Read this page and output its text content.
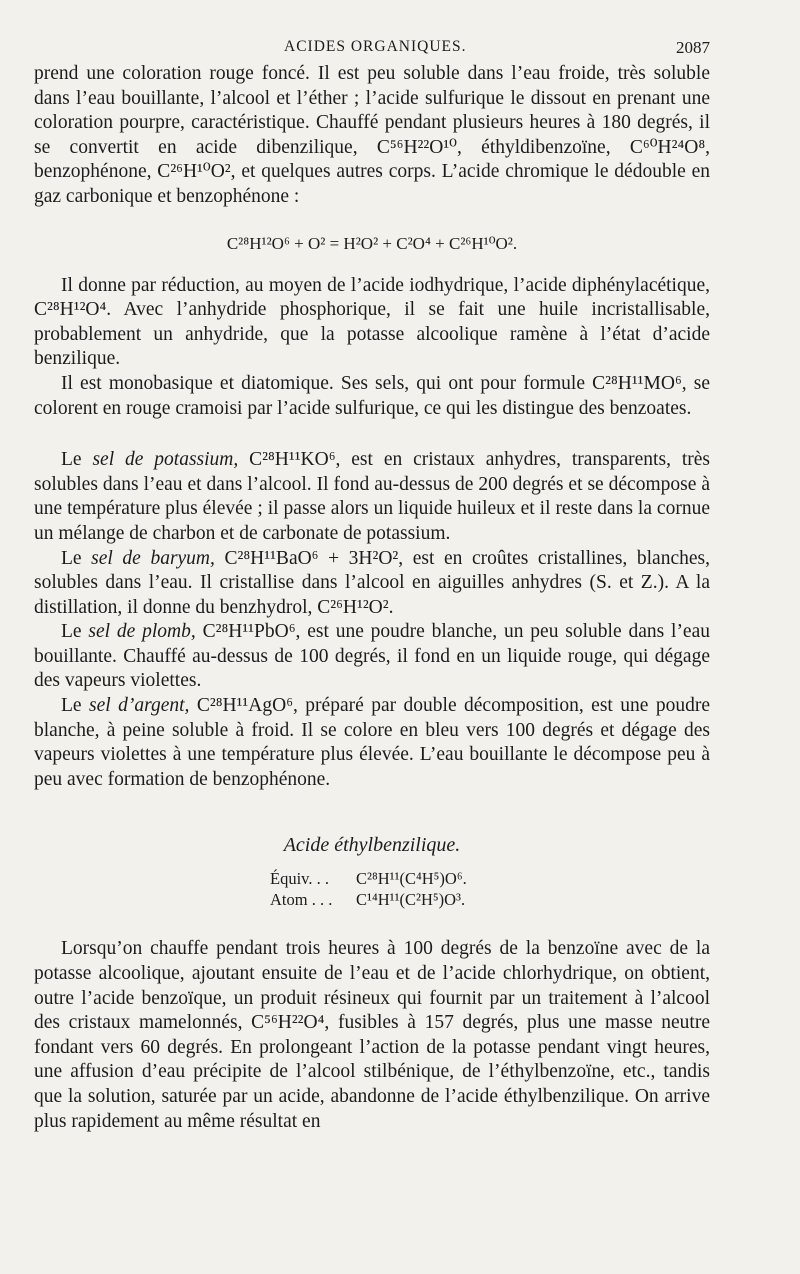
ACIDES ORGANIQUES.	2087

prend une coloration rouge foncé. Il est peu soluble dans l’eau froide, très soluble dans l’eau bouillante, l’alcool et l’éther ; l’acide sulfurique le dissout en prenant une coloration pourpre, caractéristique. Chauffé pendant plusieurs heures à 180 degrés, il se convertit en acide dibenzilique, C⁵⁶H²²O¹⁰, éthyldibenzoïne, C⁶⁰H²⁴O⁸, benzophénone, C²⁶H¹⁰O², et quelques autres corps. L’acide chromique le dédouble en gaz carbonique et benzophénone :

C²⁸H¹²O⁶ + O² = H²O² + C²O⁴ + C²⁶H¹⁰O².

Il donne par réduction, au moyen de l’acide iodhydrique, l’acide diphénylacétique, C²⁸H¹²O⁴. Avec l’anhydride phosphorique, il se fait une huile incristallisable, probablement un anhydride, que la potasse alcoolique ramène à l’état d’acide benzilique.

Il est monobasique et diatomique. Ses sels, qui ont pour formule C²⁸H¹¹MO⁶, se colorent en rouge cramoisi par l’acide sulfurique, ce qui les distingue des benzoates.

Le sel de potassium, C²⁸H¹¹KO⁶, est en cristaux anhydres, transparents, très solubles dans l’eau et dans l’alcool. Il fond au-dessus de 200 degrés et se décompose à une température plus élevée ; il passe alors un liquide huileux et il reste dans la cornue un mélange de charbon et de carbonate de potassium.

Le sel de baryum, C²⁸H¹¹BaO⁶ + 3H²O², est en croûtes cristallines, blanches, solubles dans l’eau. Il cristallise dans l’alcool en aiguilles anhydres (S. et Z.). A la distillation, il donne du benzhydrol, C²⁶H¹²O².

Le sel de plomb, C²⁸H¹¹PbO⁶, est une poudre blanche, un peu soluble dans l’eau bouillante. Chauffé au-dessus de 100 degrés, il fond en un liquide rouge, qui dégage des vapeurs violettes.

Le sel d’argent, C²⁸H¹¹AgO⁶, préparé par double décomposition, est une poudre blanche, à peine soluble à froid. Il se colore en bleu vers 100 degrés et dégage des vapeurs violettes à une température plus élevée. L’eau bouillante le décompose peu à peu avec formation de benzophénone.

Acide éthylbenzilique.
Équiv. . .	C²⁸H¹¹(C⁴H⁵)O⁶.
Atom . . .	C¹⁴H¹¹(C²H⁵)O³.

Lorsqu’on chauffe pendant trois heures à 100 degrés de la benzoïne avec de la potasse alcoolique, ajoutant ensuite de l’eau et de l’acide chlorhydrique, on obtient, outre l’acide benzoïque, un produit résineux qui fournit par un traitement à l’alcool des cristaux mamelonnés, C⁵⁶H²²O⁴, fusibles à 157 degrés, plus une masse neutre fondant vers 60 degrés. En prolongeant l’action de la potasse pendant vingt heures, une affusion d’eau précipite de l’alcool stilbénique, de l’éthylbenzoïne, etc., tandis que la solution, saturée par un acide, abandonne de l’acide éthylbenzilique. On arrive plus rapidement au même résultat en
